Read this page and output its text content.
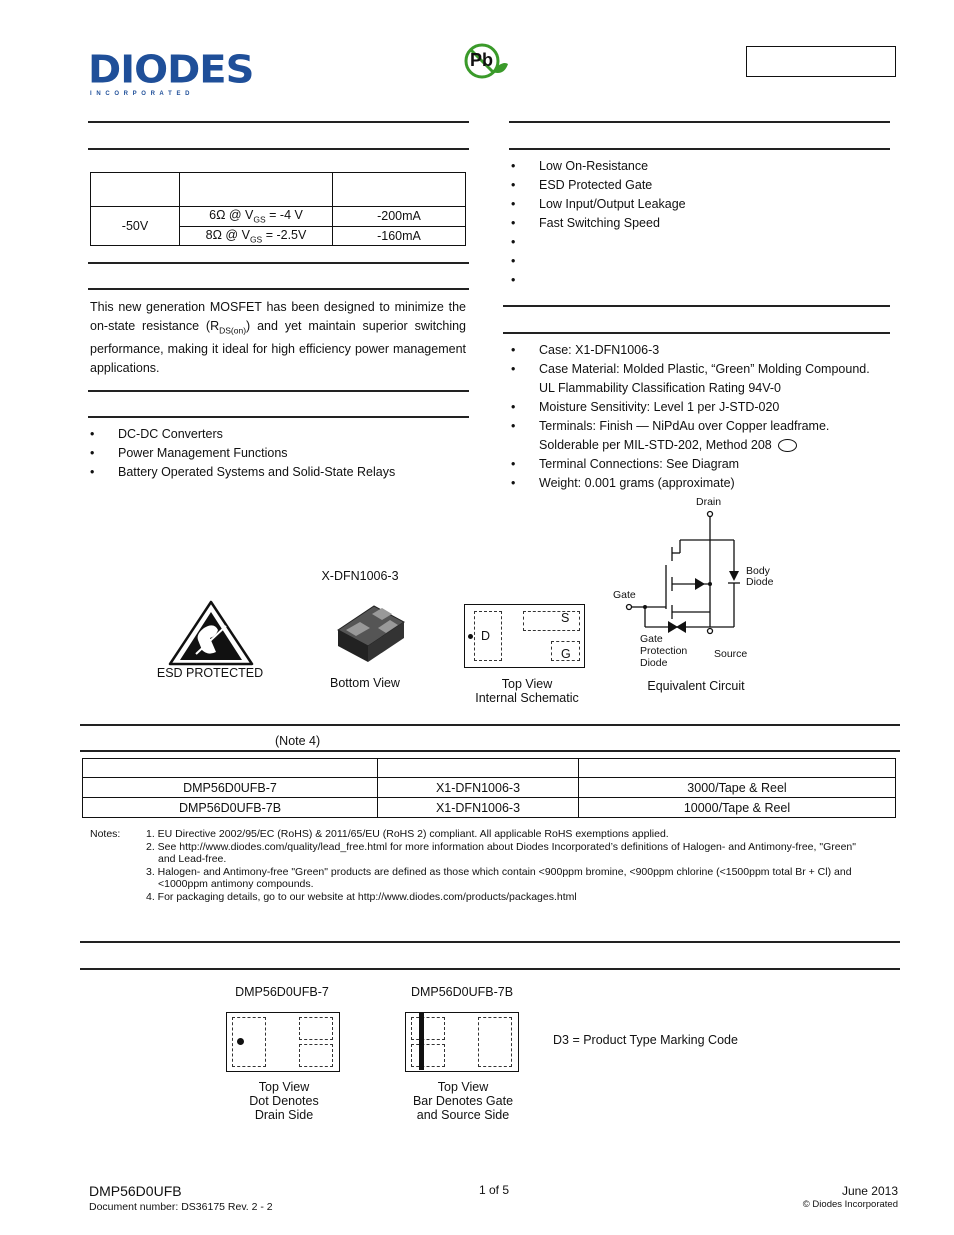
DIODES
I N C O R P O R A T E D
Pb

-50V	6Ω @ $V_{GS} = -4$ V	-200mA
	8Ω @ $V_{GS} = -2.5V$	-160mA
This new generation MOSFET has been designed to minimize the on-state resistance $(R_{DS(on)})$ and yet maintain superior switching performance, making it ideal for high efficiency power management applications.
• DC-DC Converters
• Power Management Functions
• Battery Operated Systems and Solid-State Relays
• Low On-Resistance
• ESD Protected Gate
• Low Input/Output Leakage
• Fast Switching Speed
•
•
•
• Case: X1-DFN1006-3
• Case Material: Molded Plastic, “Green” Molding Compound.
UL Flammability Classification Rating 94V-0
• Moisture Sensitivity: Level 1 per J-STD-020
• Terminals: Finish — NiPdAu over Copper leadframe.
Solderable per MIL-STD-202, Method 208
• Terminal Connections: See Diagram
• Weight: 0.001 grams (approximate)
X-DFN1006-3
ESD PROTECTED
Bottom View
D
S
G
Top View
Internal Schematic
Drain
Body
Diode
Gate
Gate
Protection
Diode
Source
Equivalent Circuit
(Note 4)

DMP56D0UFB-7	X1-DFN1006-3	3000/Tape & Reel
DMP56D0UFB-7B	X1-DFN1006-3	10000/Tape & Reel
Notes: 1. EU Directive 2002/95/EC (RoHS) & 2011/65/EU (RoHS 2) compliant. All applicable RoHS exemptions applied.
2. See http://www.diodes.com/quality/lead_free.html for more information about Diodes Incorporated’s definitions of Halogen- and Antimony-free, "Green"
and Lead-free.
3. Halogen- and Antimony-free "Green" products are defined as those which contain <900ppm bromine, <900ppm chlorine (<1500ppm total Br + Cl) and
<1000ppm antimony compounds.
4. For packaging details, go to our website at http://www.diodes.com/products/packages.html
DMP56D0UFB-7	DMP56D0UFB-7B
Top View
Dot Denotes
Drain Side
Top View
Bar Denotes Gate
and Source Side
D3 = Product Type Marking Code
DMP56D0UFB
Document number: DS36175 Rev. 2 - 2
1 of 5	June 2013
© Diodes Incorporated
